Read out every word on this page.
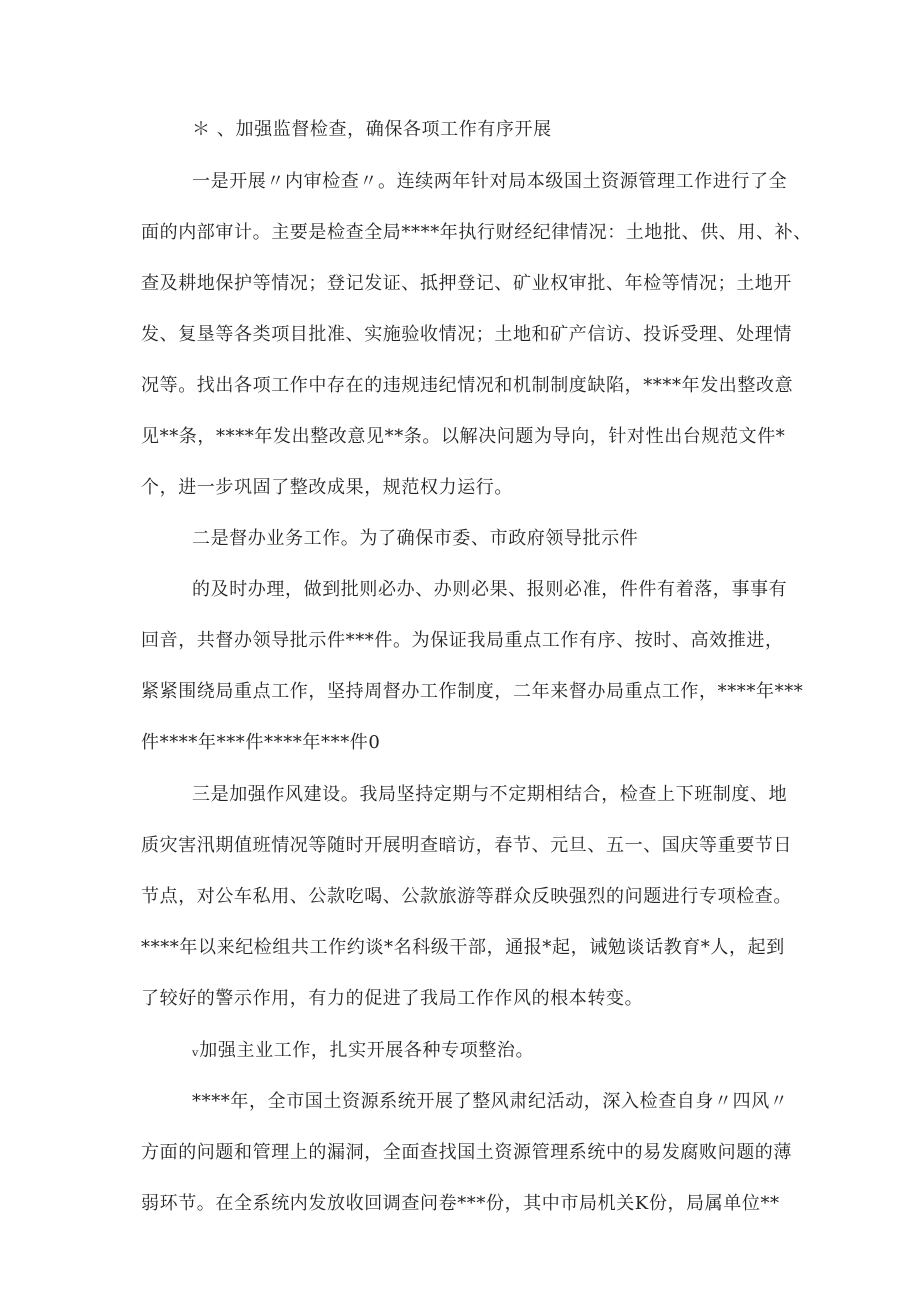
＊ 、加强监督检查，确保各项工作有序开展
一是开展〃内审检查〃。连续两年针对局本级国土资源管理工作进行了全
面的内部审计。主要是检查全局****年执行财经纪律情况：土地批、供、用、补、
查及耕地保护等情况；登记发证、抵押登记、矿业权审批、年检等情况；土地开
发、复垦等各类项目批准、实施验收情况；土地和矿产信访、投诉受理、处理情
况等。找出各项工作中存在的违规违纪情况和机制制度缺陷，****年发出整改意
见**条，****年发出整改意见**条。以解决问题为导向，针对性出台规范文件*
个，进一步巩固了整改成果，规范权力运行。
二是督办业务工作。为了确保市委、市政府领导批示件
的及时办理，做到批则必办、办则必果、报则必准，件件有着落，事事有
回音，共督办领导批示件***件。为保证我局重点工作有序、按时、高效推进，
紧紧围绕局重点工作，坚持周督办工作制度，二年来督办局重点工作，****年***
件****年***件****年***件0
三是加强作风建设。我局坚持定期与不定期相结合，检查上下班制度、地
质灾害汛期值班情况等随时开展明查暗访，春节、元旦、五一、国庆等重要节日
节点，对公车私用、公款吃喝、公款旅游等群众反映强烈的问题进行专项检查。
****年以来纪检组共工作约谈*名科级干部，通报*起，诫勉谈话教育*人，起到
了较好的警示作用，有力的促进了我局工作作风的根本转变。
ᵥ加强主业工作，扎实开展各种专项整治。
****年，全市国土资源系统开展了整风肃纪活动，深入检查自身〃四风〃
方面的问题和管理上的漏洞，全面查找国土资源管理系统中的易发腐败问题的薄
弱环节。在全系统内发放收回调查问卷***份，其中市局机关K份，局属单位**
